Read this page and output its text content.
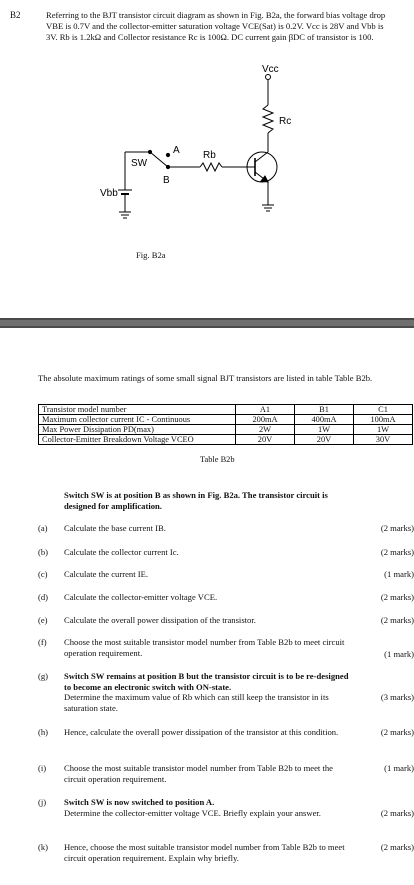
B2	Referring to the BJT transistor circuit diagram as shown in Fig. B2a, the forward bias voltage drop VBE is 0.7V and the collector-emitter saturation voltage VCE(Sat) is 0.2V. Vcc is 28V and Vbb is 3V. Rb is 1.2kΩ and Collector resistance Rc is 100Ω. DC current gain βDC of transistor is 100.
Vcc
Rc
Rb
SW
A
B
Vbb
Fig. B2a
The absolute maximum ratings of some small signal BJT transistors are listed in table Table B2b.
Transistor model number	A1	B1	C1
Maximum collector current IC - Continuous	200mA	400mA	100mA
Max Power Dissipation PD(max)	2W	1W	1W
Collector-Emitter Breakdown Voltage VCEO	20V	20V	30V
Table B2b
Switch SW is at position B as shown in Fig. B2a. The transistor circuit is designed for amplification.
(a)	Calculate the base current IB.	(2 marks)
(b)	Calculate the collector current Ic.	(2 marks)
(c)	Calculate the current IE.	(1 mark)
(d)	Calculate the collector-emitter voltage VCE.	(2 marks)
(e)	Calculate the overall power dissipation of the transistor.	(2 marks)
(f)	Choose the most suitable transistor model number from Table B2b to meet circuit operation requirement.	(1 mark)
(g)	Switch SW remains at position B but the transistor circuit is to be re-designed to become an electronic switch with ON-state.
Determine the maximum value of Rb which can still keep the transistor in its saturation state.
(3 marks)
(h)	Hence, calculate the overall power dissipation of the transistor at this condition.	(2 marks)
(i)	Choose the most suitable transistor model number from Table B2b to meet the circuit operation requirement.
(1 mark)
(j)	Switch SW is now switched to position A.
Determine the collector-emitter voltage VCE. Briefly explain your answer.	(2 marks)
(k)	Hence, choose the most suitable transistor model number from Table B2b to meet circuit operation requirement. Explain why briefly.
(2 marks)
